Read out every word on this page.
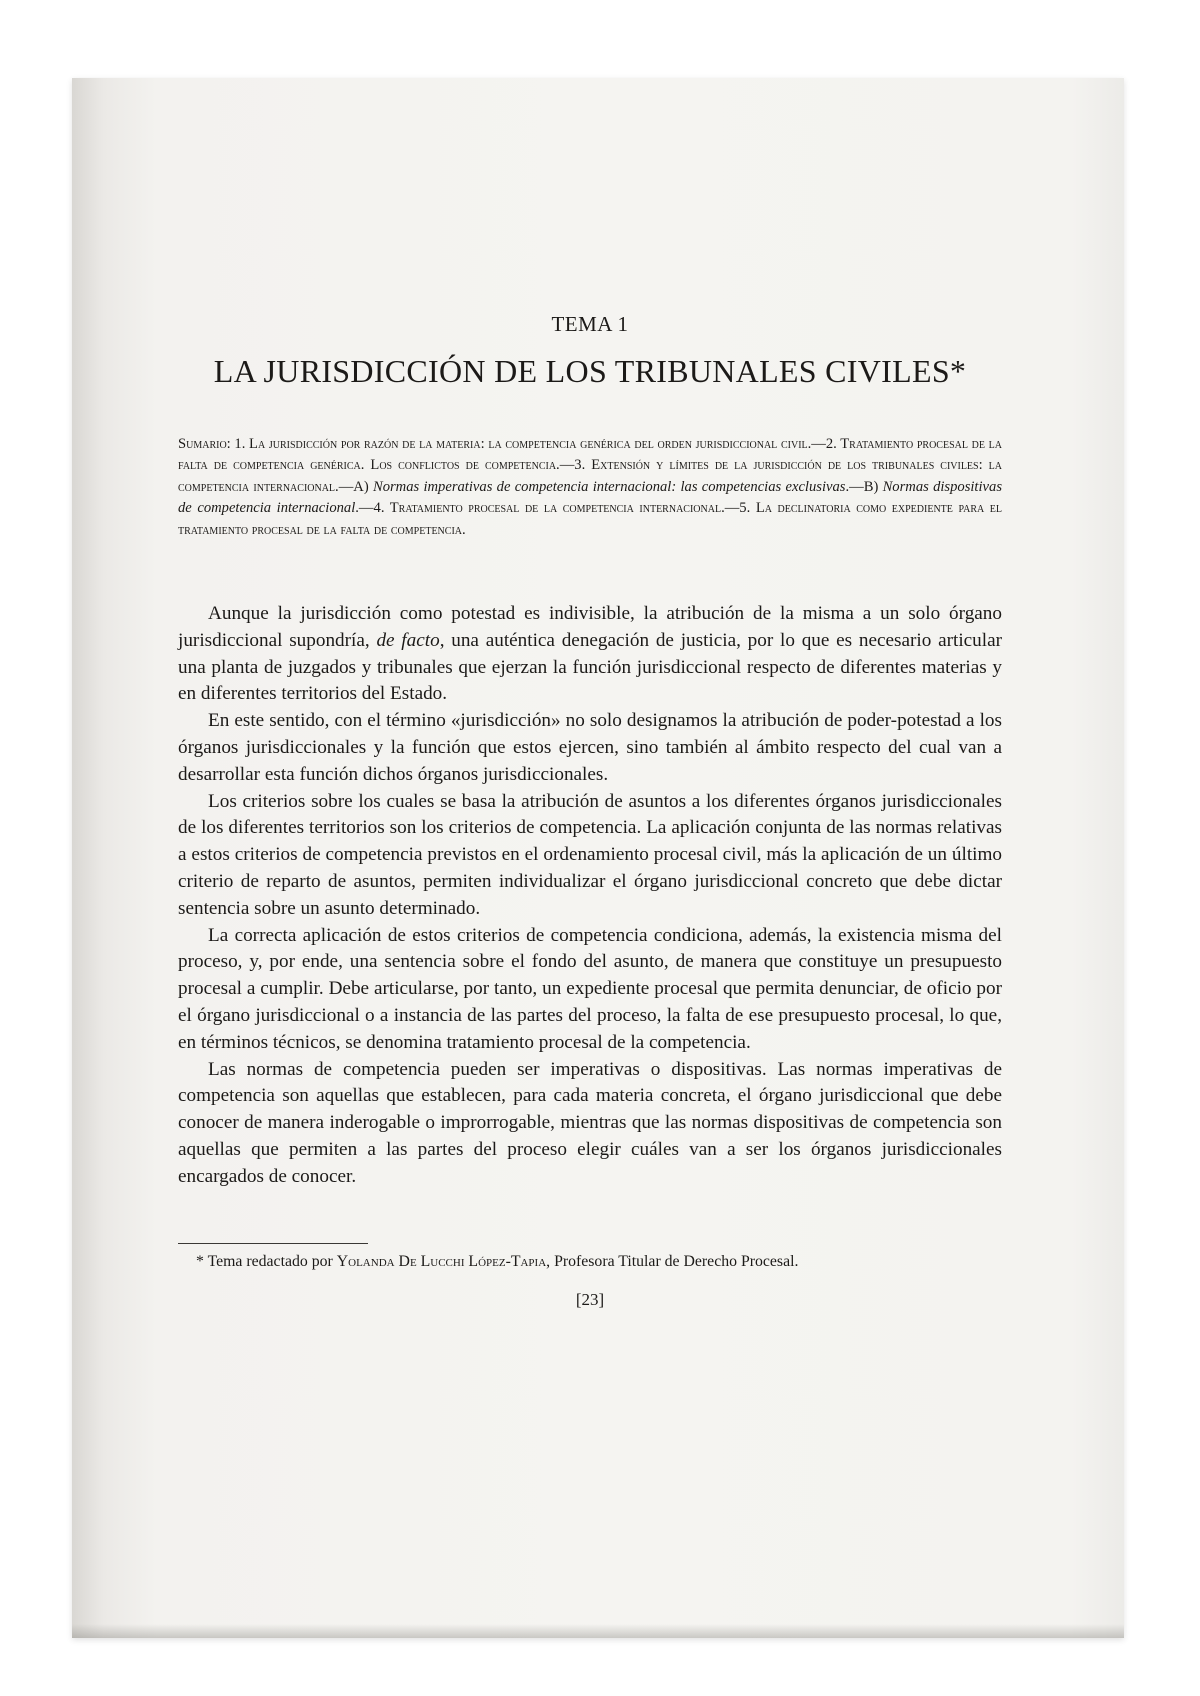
TEMA 1
LA JURISDICCIÓN DE LOS TRIBUNALES CIVILES*
Sumario: 1. La jurisdicción por razón de la materia: la competencia genérica del orden jurisdiccional civil.—2. Tratamiento procesal de la falta de competencia genérica. Los conflictos de competencia.—3. Extensión y límites de la jurisdicción de los tribunales civiles: la competencia internacional.—A) Normas imperativas de competencia internacional: las competencias exclusivas.—B) Normas dispositivas de competencia internacional.—4. Tratamiento procesal de la competencia internacional.—5. La declinatoria como expediente para el tratamiento procesal de la falta de competencia.

Aunque la jurisdicción como potestad es indivisible, la atribución de la misma a un solo órgano jurisdiccional supondría, de facto, una auténtica denegación de justicia, por lo que es necesario articular una planta de juzgados y tribunales que ejerzan la función jurisdiccional respecto de diferentes materias y en diferentes territorios del Estado.

En este sentido, con el término «jurisdicción» no solo designamos la atribución de poder-potestad a los órganos jurisdiccionales y la función que estos ejercen, sino también al ámbito respecto del cual van a desarrollar esta función dichos órganos jurisdiccionales.

Los criterios sobre los cuales se basa la atribución de asuntos a los diferentes órganos jurisdiccionales de los diferentes territorios son los criterios de competencia. La aplicación conjunta de las normas relativas a estos criterios de competencia previstos en el ordenamiento procesal civil, más la aplicación de un último criterio de reparto de asuntos, permiten individualizar el órgano jurisdiccional concreto que debe dictar sentencia sobre un asunto determinado.

La correcta aplicación de estos criterios de competencia condiciona, además, la existencia misma del proceso, y, por ende, una sentencia sobre el fondo del asunto, de manera que constituye un presupuesto procesal a cumplir. Debe articularse, por tanto, un expediente procesal que permita denunciar, de oficio por el órgano jurisdiccional o a instancia de las partes del proceso, la falta de ese presupuesto procesal, lo que, en términos técnicos, se denomina tratamiento procesal de la competencia.

Las normas de competencia pueden ser imperativas o dispositivas. Las normas imperativas de competencia son aquellas que establecen, para cada materia concreta, el órgano jurisdiccional que debe conocer de manera inderogable o improrrogable, mientras que las normas dispositivas de competencia son aquellas que permiten a las partes del proceso elegir cuáles van a ser los órganos jurisdiccionales encargados de conocer.

* Tema redactado por Yolanda De Lucchi López-Tapia, Profesora Titular de Derecho Procesal.
[23]
